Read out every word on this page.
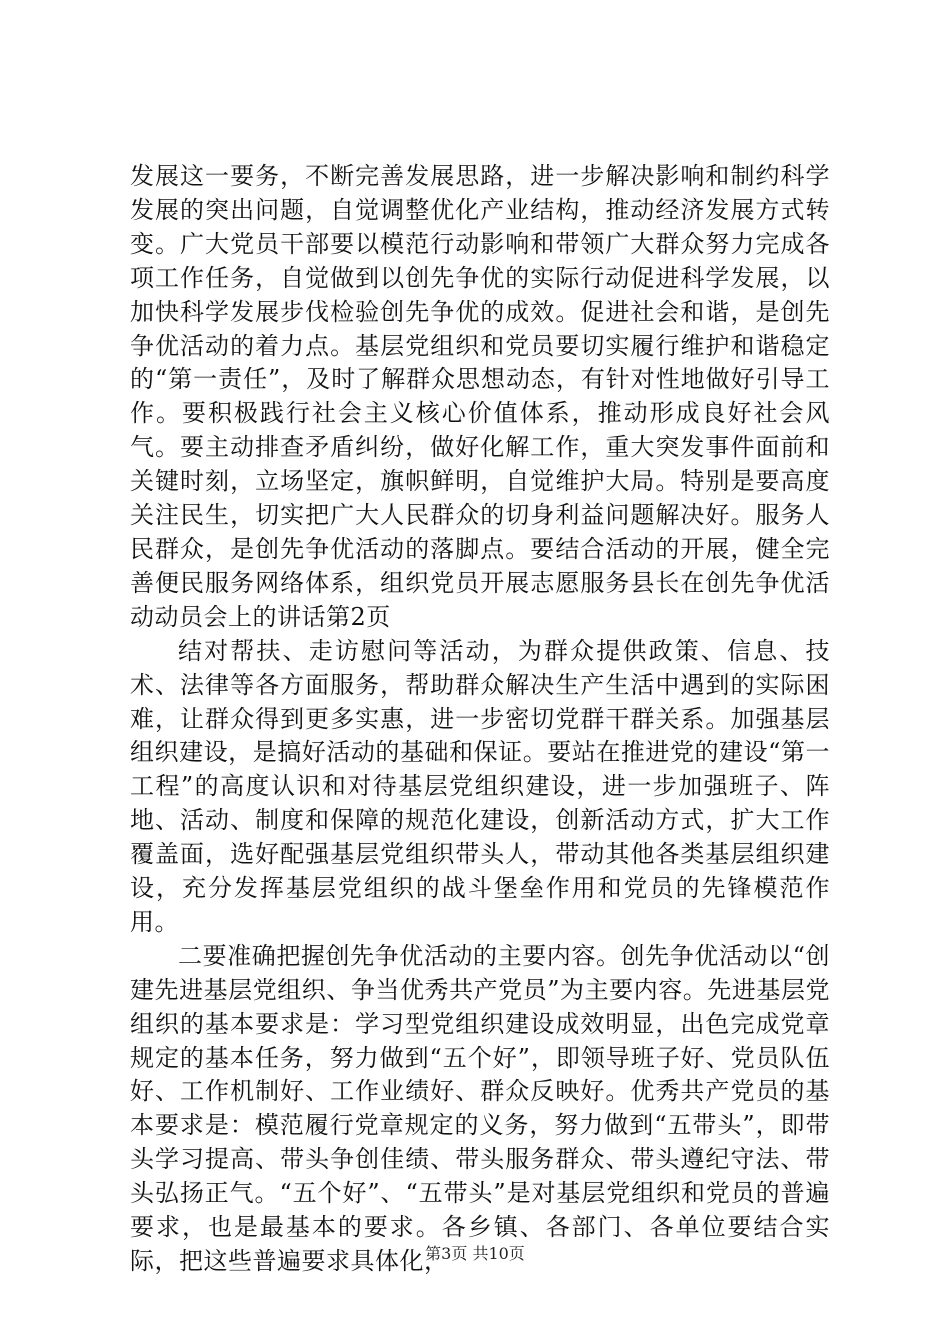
发展这一要务，不断完善发展思路，进一步解决影响和制约科学发展的突出问题，自觉调整优化产业结构，推动经济发展方式转变。广大党员干部要以模范行动影响和带领广大群众努力完成各项工作任务，自觉做到以创先争优的实际行动促进科学发展，以加快科学发展步伐检验创先争优的成效。促进社会和谐，是创先争优活动的着力点。基层党组织和党员要切实履行维护和谐稳定的“第一责任”，及时了解群众思想动态，有针对性地做好引导工作。要积极践行社会主义核心价值体系，推动形成良好社会风气。要主动排查矛盾纠纷，做好化解工作，重大突发事件面前和关键时刻，立场坚定，旗帜鲜明，自觉维护大局。特别是要高度关注民生，切实把广大人民群众的切身利益问题解决好。服务人民群众，是创先争优活动的落脚点。要结合活动的开展，健全完善便民服务网络体系，组织党员开展志愿服务县长在创先争优活动动员会上的讲话第2页

结对帮扶、走访慰问等活动，为群众提供政策、信息、技术、法律等各方面服务，帮助群众解决生产生活中遇到的实际困难，让群众得到更多实惠，进一步密切党群干群关系。加强基层组织建设，是搞好活动的基础和保证。要站在推进党的建设“第一工程”的高度认识和对待基层党组织建设，进一步加强班子、阵地、活动、制度和保障的规范化建设，创新活动方式，扩大工作覆盖面，选好配强基层党组织带头人，带动其他各类基层组织建设，充分发挥基层党组织的战斗堡垒作用和党员的先锋模范作用。

二要准确把握创先争优活动的主要内容。创先争优活动以“创建先进基层党组织、争当优秀共产党员”为主要内容。先进基层党组织的基本要求是：学习型党组织建设成效明显，出色完成党章规定的基本任务，努力做到“五个好”，即领导班子好、党员队伍好、工作机制好、工作业绩好、群众反映好。优秀共产党员的基本要求是：模范履行党章规定的义务，努力做到“五带头”，即带头学习提高、带头争创佳绩、带头服务群众、带头遵纪守法、带头弘扬正气。“五个好”、“五带头”是对基层党组织和党员的普遍要求，也是最基本的要求。各乡镇、各部门、各单位要结合实际，把这些普遍要求具体化，

第3页 共10页
